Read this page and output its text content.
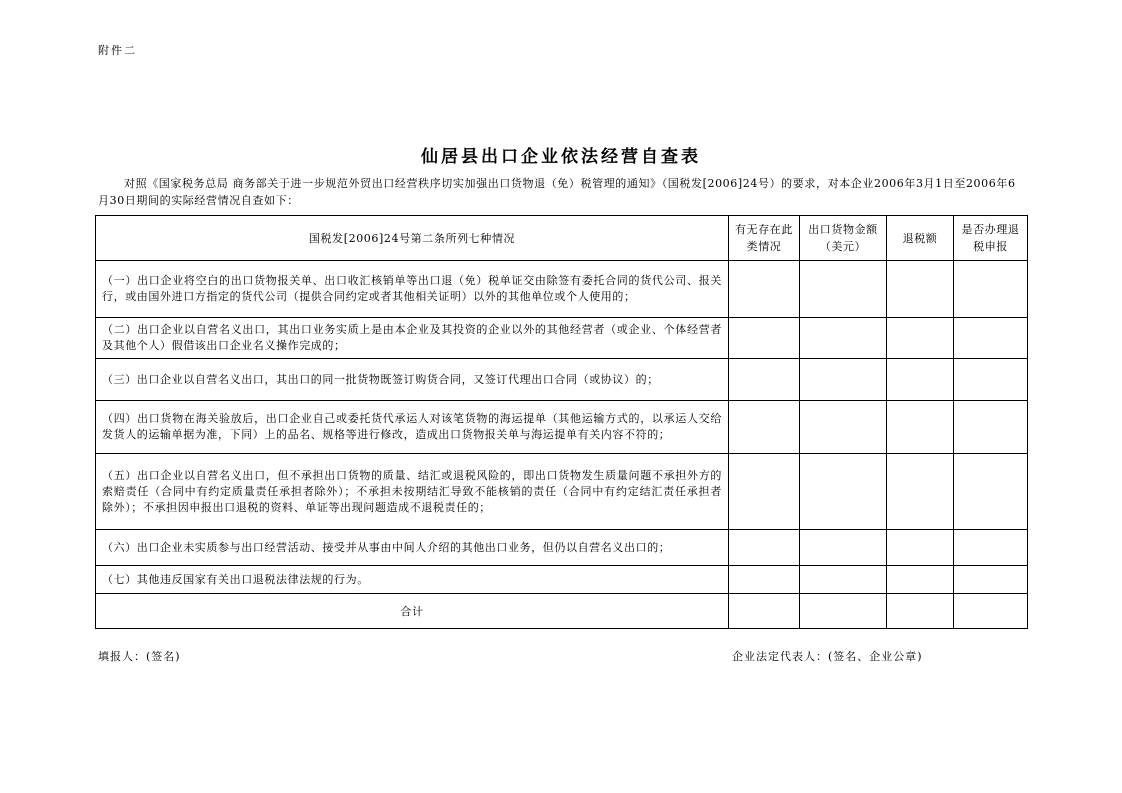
附件二
仙居县出口企业依法经营自查表
对照《国家税务总局 商务部关于进一步规范外贸出口经营秩序切实加强出口货物退（免）税管理的通知》（国税发[2006]24号）的要求，对本企业2006年3月1日至2006年6月30日期间的实际经营情况自查如下：
国税发[2006]24号第二条所列七种情况	有无存在此类情况	出口货物金额（美元）	退税额	是否办理退税申报
（一）出口企业将空白的出口货物报关单、出口收汇核销单等出口退（免）税单证交由除签有委托合同的货代公司、报关行，或由国外进口方指定的货代公司（提供合同约定或者其他相关证明）以外的其他单位或个人使用的；				
（二）出口企业以自营名义出口，其出口业务实质上是由本企业及其投资的企业以外的其他经营者（或企业、个体经营者及其他个人）假借该出口企业名义操作完成的；				
（三）出口企业以自营名义出口，其出口的同一批货物既签订购货合同，又签订代理出口合同（或协议）的；				
（四）出口货物在海关验放后，出口企业自己或委托货代承运人对该笔货物的海运提单（其他运输方式的，以承运人交给发货人的运输单据为准，下同）上的品名、规格等进行修改，造成出口货物报关单与海运提单有关内容不符的；				
（五）出口企业以自营名义出口，但不承担出口货物的质量、结汇或退税风险的，即出口货物发生质量问题不承担外方的索赔责任（合同中有约定质量责任承担者除外）；不承担未按期结汇导致不能核销的责任（合同中有约定结汇责任承担者除外）；不承担因申报出口退税的资料、单证等出现问题造成不退税责任的；				
（六）出口企业未实质参与出口经营活动、接受并从事由中间人介绍的其他出口业务，但仍以自营名义出口的；				
（七）其他违反国家有关出口退税法律法规的行为。				
合计				
填报人：(签名)	企业法定代表人：(签名、企业公章)
